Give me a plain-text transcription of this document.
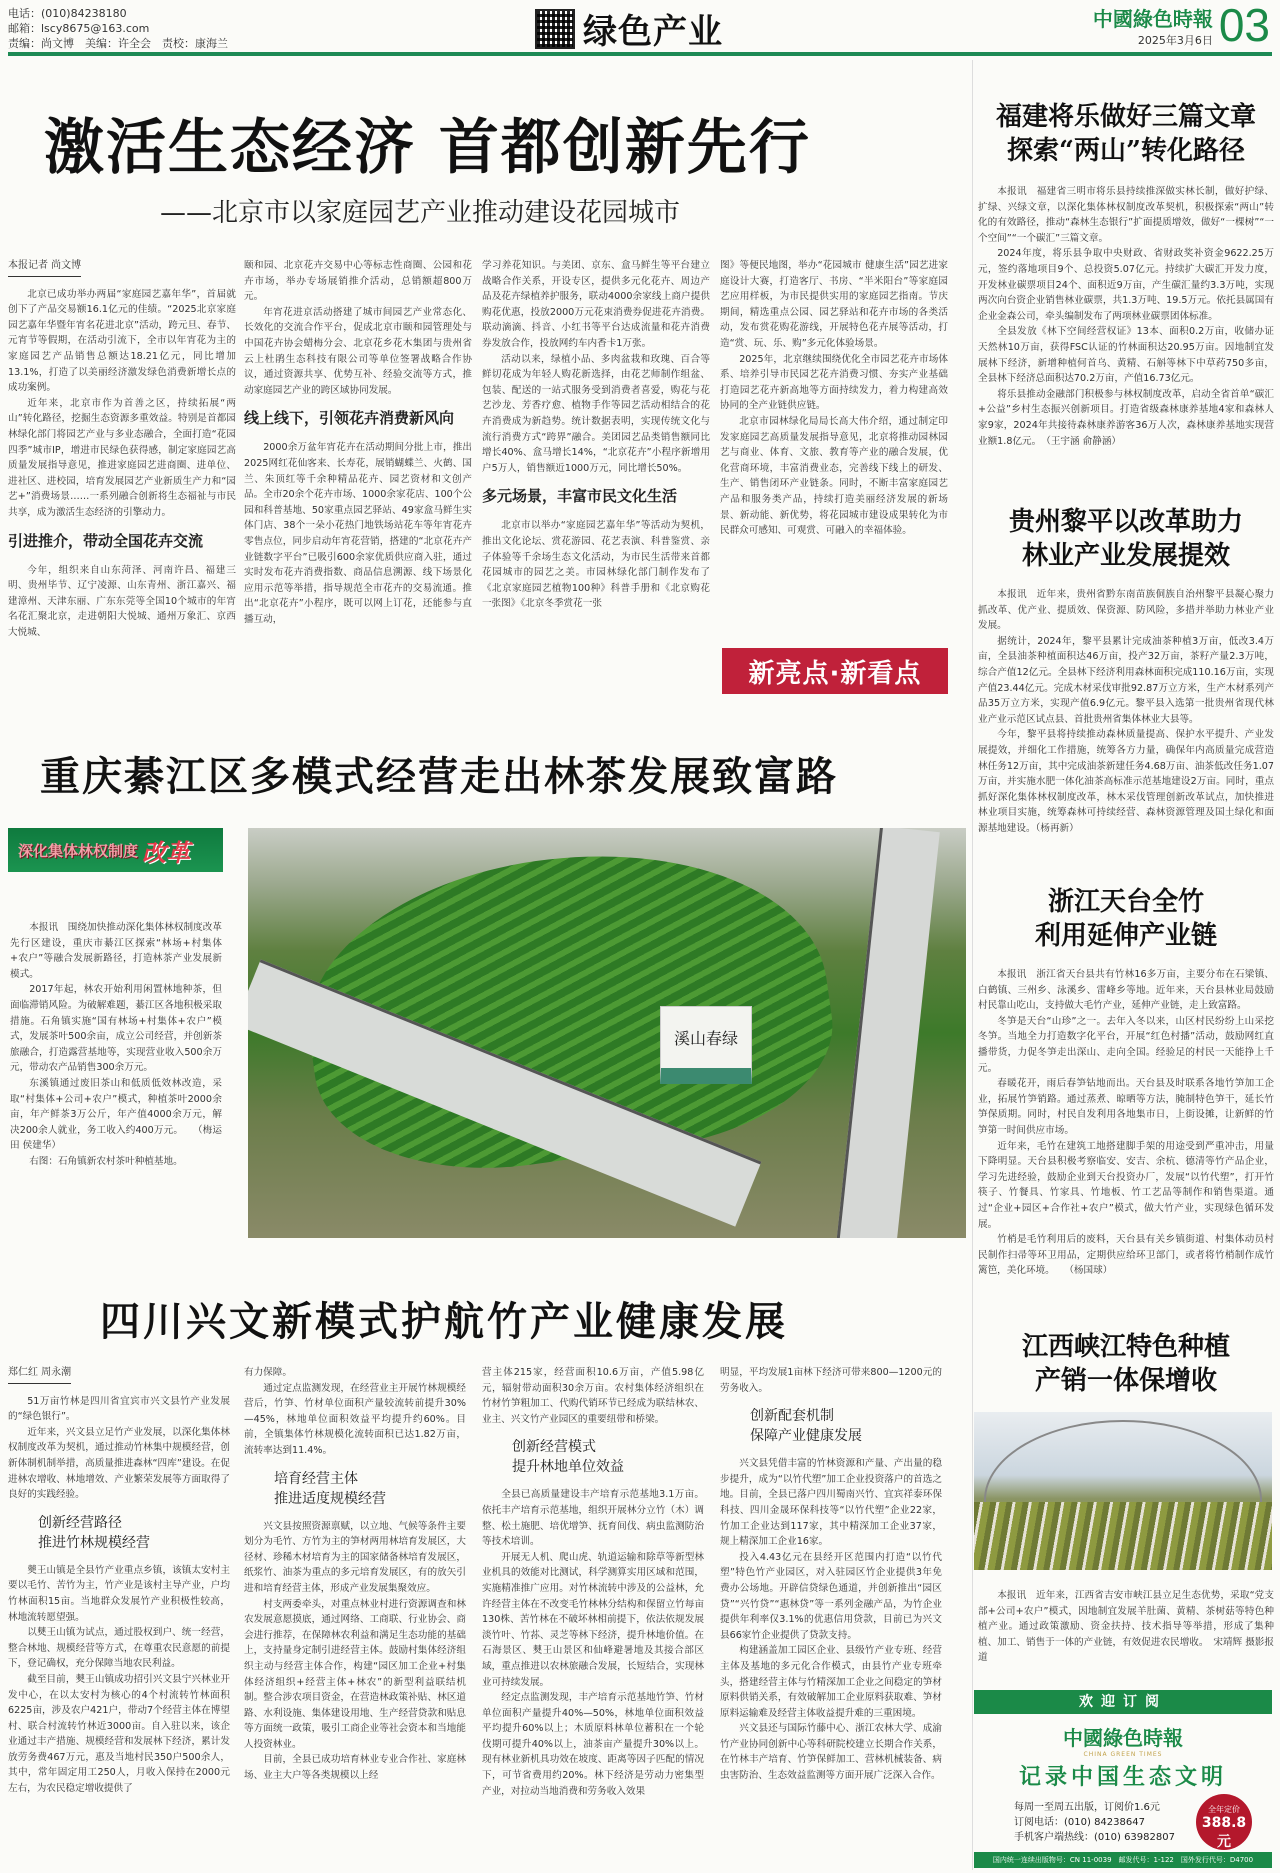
电话：(010)84238180
邮箱：lscy8675@163.com
责编：尚文博　美编：许全会　责校：康海兰	绿色产业	中國綠色時報
2025年3月6日 03
激活生态经济 首都创新先行
——北京市以家庭园艺产业推动建设花园城市
本报记者 尚文博

北京已成功举办两届“家庭园艺嘉年华”，首届就创下了产品交易额16.1亿元的佳绩。“2025北京家庭园艺嘉年华暨年宵名花进北京”活动，跨元旦、春节、元宵节等假期，在活动引流下，全市以年宵花为主的家庭园艺产品销售总额达18.21亿元，同比增加13.1%，打造了以美丽经济激发绿色消费新增长点的成功案例。

近年来，北京市作为首善之区，持续拓展“两山”转化路径，挖掘生态资源多重效益。特别是首都园林绿化部门将园艺产业与多业态融合，全面打造“花园四季”城市IP，增进市民绿色获得感，制定家庭园艺高质量发展指导意见，推进家庭园艺进商圈、进单位、进社区、进校园，培育发展园艺产业新质生产力和“园艺+”消费场景……一系列融合创新将生态福祉与市民共享，成为激活生态经济的引擎动力。

引进推介，带动全国花卉交流

今年，组织来自山东菏泽、河南许昌、福建三明、贵州毕节、辽宁凌源、山东青州、浙江嘉兴、福建漳州、天津东丽、广东东莞等全国10个城市的年宵名花汇聚北京，走进朝阳大悦城、通州万象汇、京西大悦城、

颐和园、北京花卉交易中心等标志性商圈、公园和花卉市场，举办专场展销推介活动，总销额超800万元。

年宵花进京活动搭建了城市间园艺产业常态化、长效化的交流合作平台，促成北京市颐和园管理处与中国花卉协会蜡梅分会、北京花乡花木集团与贵州省云上杜鹃生态科技有限公司等单位签署战略合作协议，通过资源共享、优势互补、经验交流等方式，推动家庭园艺产业的跨区域协同发展。

线上线下，引领花卉消费新风向

2000余万盆年宵花卉在活动期间分批上市，推出2025网红花仙客来、长寿花，展销蝴蝶兰、火鹤、国兰、朱顶红等千余种精品花卉、园艺资材和文创产品。全市20余个花卉市场、1000余家花店、100个公园和科普基地、50家重点园艺驿站、49家盒马鲜生实体门店、38个一朵小花热门地铁场站花车等年宵花卉零售点位，同步启动年宵花营销，搭建的“北京花卉产业链数字平台”已吸引600余家优质供应商入驻，通过实时发布花卉消费指数、商品信息溯源、线下场景化应用示范等举措，指导规范全市花卉的交易流通。推出“北京花卉”小程序，既可以网上订花，还能参与直播互动，

学习养花知识。与美团、京东、盒马鲜生等平台建立战略合作关系，开设专区，提供多元化花卉、周边产品及花卉绿植养护服务，联动4000余家线上商户提供购花优惠，投放2000万元花束消费券促进花卉消费。联动滴滴、抖音、小红书等平台达成流量和花卉消费券发放合作，投放网约车内香卡1万张。

活动以来，绿植小品、多肉盆栽和玫瑰、百合等鲜切花成为年轻人购花新选择，由花艺师制作组盆、包装、配送的一站式服务受到消费者喜爱，购花与花艺沙龙、芳香疗愈、植物手作等园艺活动相结合的花卉消费成为新趋势。统计数据表明，实现传统文化与流行消费方式“跨界”融合。美团园艺品类销售额同比增长40%、盒马增长14%，“北京花卉”小程序新增用户5万人，销售额近1000万元，同比增长50%。

多元场景，丰富市民文化生活

北京市以举办“家庭园艺嘉年华”等活动为契机，推出文化论坛、赏花游园、花艺表演、科普鉴赏、亲子体验等千余场生态文化活动，为市民生活带来首都花园城市的园艺之美。市园林绿化部门制作发布了《北京家庭园艺植物100种》科普手册和《北京购花一张图》《北京冬季赏花一张

图》等便民地图，举办“花园城市 健康生活”园艺进家庭设计大赛，打造客厅、书房、“半米阳台”等家庭园艺应用样板，为市民提供实用的家庭园艺指南。节庆期间，精选重点公园、园艺驿站和花卉市场的各类活动，发布赏花购花游线，开展特色花卉展等活动，打造“赏、玩、乐、购”多元化体验场景。

2025年，北京继续围绕优化全市园艺花卉市场体系、培养引导市民园艺花卉消费习惯、夯实产业基础打造园艺花卉新高地等方面持续发力，着力构建高效协同的全产业链供应链。

北京市园林绿化局局长高大伟介绍，通过制定印发家庭园艺高质量发展指导意见，北京将推动园林园艺与商业、体育、文旅、教育等产业的融合发展，优化营商环境，丰富消费业态，完善线下线上的研发、生产、销售闭环产业链条。同时，不断丰富家庭园艺产品和服务类产品，持续打造美丽经济发展的新场景、新动能、新优势，将花园城市建设成果转化为市民群众可感知、可观赏、可融入的幸福体验。

新亮点·新看点
重庆綦江区多模式经营走出林茶发展致富路
深化集体林权制度 改革

本报讯　围绕加快推动深化集体林权制度改革先行区建设，重庆市綦江区探索“林场+村集体+农户”等融合发展新路径，打造林茶产业发展新模式。

2017年起，林农开始利用闲置林地种茶，但面临滞销风险。为破解难题，綦江区各地积极采取措施。石角镇实施“国有林场+村集体+农户”模式，发展茶叶500余亩，成立公司经营，并创新茶旅融合，打造露营基地等，实现营业收入500余万元，带动农产品销售300余万元。

东溪镇通过废旧茶山和低质低效林改造，采取“村集体+公司+农户”模式，种植茶叶2000余亩，年产鲜茶3万公斤，年产值4000余万元，解决200余人就业，务工收入约400万元。　　（梅运田 侯建华）

右图：石角镇新农村茶叶种植基地。

溪山春绿
四川兴文新模式护航竹产业健康发展
郑仁红 周永潮

51万亩竹林是四川省宜宾市兴文县竹产业发展的“绿色银行”。

近年来，兴文县立足竹产业发展，以深化集体林权制度改革为契机，通过推动竹林集中规模经营，创新体制机制举措，高质量推进森林“四库”建设。在促进林农增收、林地增效、产业繁荣发展等方面取得了良好的实践经验。

创新经营路径
推进竹林规模经营

僰王山镇是全县竹产业重点乡镇，该镇太安村主要以毛竹、苦竹为主，竹产业是该村主导产业，户均竹林面积15亩。当地群众发展竹产业积极性较高，林地流转愿望强。

以僰王山镇为试点，通过股权到户、统一经营，整合林地、规模经营等方式，在尊重农民意愿的前提下，登记确权，充分保障当地农民利益。

截至目前，僰王山镇成功招引兴文县宁兴林业开发中心，在以太安村为核心的4个村流转竹林面积6225亩，涉及农户421户，带动7个经营主体在博望村、联合村流转竹林近3000亩。自入驻以来，该企业通过丰产措施、规模经营和发展林下经济，累计发放劳务费467万元，惠及当地村民350户500余人，其中，常年固定用工250人，月收入保持在2000元左右，为农民稳定增收提供了

有力保障。

通过定点监测发现，在经营业主开展竹林规模经营后，竹笋、竹材单位面积产量较流转前提升30%—45%，林地单位面积效益平均提升约60%。目前，全镇集体竹林规模化流转面积已达1.82万亩，流转率达到11.4%。

培育经营主体
推进适度规模经营

兴文县按照资源禀赋，以立地、气候等条件主要划分为毛竹、方竹为主的笋材两用林培育发展区，大径材、珍稀木材培育为主的国家储备林培育发展区，纸浆竹、油茶为重点的多元培育发展区，有的放矢引进和培育经营主体，形成产业发展集聚效应。

村支两委牵头，对重点林业村进行资源调查和林农发展意愿摸底，通过网络、工商联、行业协会、商会进行推荐，在保障林农利益和满足生态功能的基础上，支持量身定制引进经营主体。鼓励村集体经济组织主动与经营主体合作，构建“园区加工企业+村集体经济组织+经营主体+林农”的新型利益联结机制。整合涉农项目资金，在营造林政策补贴、林区道路、水利设施、集体建设用地、生产经营贷款和贴息等方面统一政策，吸引工商企业等社会资本和当地能人投资林业。

目前，全县已成功培育林业专业合作社、家庭林场、业主大户等各类规模以上经

营主体215家，经营面积10.6万亩，产值5.98亿元，辐射带动面积30余万亩。农村集体经济组织在竹材竹笋粗加工、代购代销环节已经成为联结林农、业主、兴文竹产业园区的重要纽带和桥梁。

创新经营模式
提升林地单位效益

全县已高质量建设丰产培育示范基地3.1万亩。依托丰产培育示范基地，组织开展林分立竹（木）调整、松土施肥、培优增笋、抚育间伐、病虫监测防治等技术培训。

开展无人机、爬山虎、轨道运输和除草等新型林业机具的效能对比测试，科学测算实用区域和范围，实施精准推广应用。对竹林流转中涉及的公益林，允许经营主体在不改变毛竹林林分结构和保留立竹每亩130株、苦竹林在不破坏林相前提下，依法依规发展淡竹叶、竹荪、灵芝等林下经济，提升林地价值。在石海景区、僰王山景区和仙峰避暑地及其接合部区域，重点推进以农林旅融合发展，长短结合，实现林业可持续发展。

经定点监测发现，丰产培育示范基地竹笋、竹材单位面积产量提升40%—50%，林地单位面积效益平均提升60%以上；木质原料林单位蓄积在一个轮伐期可提升40%以上，油茶亩产量提升30%以上。现有林业新机具功效在坡度、距离等因子匹配的情况下，可节省费用约20%。林下经济是劳动力密集型产业，对拉动当地消费和劳务收入效果

明显，平均发展1亩林下经济可带来800—1200元的劳务收入。

创新配套机制
保障产业健康发展

兴文县凭借丰富的竹林资源和产量、产出量的稳步提升，成为“以竹代塑”加工企业投资落户的首选之地。目前，全县已落户四川蜀南兴竹、宜宾祥泰环保科技、四川金晟环保科技等“以竹代塑”企业22家，竹加工企业达到117家，其中精深加工企业37家，规上精深加工企业16家。

投入4.43亿元在县经开区范围内打造“以竹代塑”特色竹产业园区，对入驻园区竹企业提供3年免费办公场地。开辟信贷绿色通道，并创新推出“园区贷”“兴竹贷”“惠林贷”等一系列金融产品，为竹企业提供年利率仅3.1%的优惠信用贷款，目前已为兴文县66家竹企业提供了贷款支持。

构建涵盖加工园区企业、县级竹产业专班、经营主体及基地的多元化合作模式，由县竹产业专班牵头，搭建经营主体与竹精深加工企业之间稳定的笋材原料供销关系，有效破解加工企业原料获取难、笋材原料运输难及经营主体收益提升难的三重困境。

兴文县还与国际竹藤中心、浙江农林大学、成渝竹产业协同创新中心等科研院校建立长期合作关系，在竹林丰产培育、竹笋保鲜加工、营林机械装备、病虫害防治、生态效益监测等方面开展广泛深入合作。

福建将乐做好三篇文章
探索“两山”转化路径

本报讯　福建省三明市将乐县持续推深做实林长制，做好护绿、扩绿、兴绿文章，以深化集体林权制度改革契机，积极探索“两山”转化的有效路径，推动“森林生态银行”扩面提质增效，做好“一棵树”“一个空间”“一个碳汇”三篇文章。

2024年度，将乐县争取中央财政、省财政奖补资金9622.25万元，签约落地项目9个、总投资5.07亿元。持续扩大碳汇开发力度，开发林业碳票项目24个、面积近9万亩，产生碳汇量约3.3万吨，实现两次向台资企业销售林业碳票，共1.3万吨、19.5万元。依托县属国有企业金森公司，牵头编制发布了两项林业碳票团体标准。

全县发放《林下空间经营权证》13本、面积0.2万亩，收储办证天然林10万亩，获得FSC认证的竹林面积达20.95万亩。因地制宜发展林下经济，新增种植何首乌、黄精、石斛等林下中草药750多亩，全县林下经济总面积达70.2万亩，产值16.73亿元。

将乐县推动金融部门积极参与林权制度改革，启动全省首单“碳汇+公益”乡村生态振兴创新项目。打造省级森林康养基地4家和森林人家9家，2024年共接待森林康养游客36万人次，森林康养基地实现营业额1.8亿元。　（王宇涵 俞静涵）

贵州黎平以改革助力
林业产业发展提效

本报讯　近年来，贵州省黔东南苗族侗族自治州黎平县凝心聚力抓改革、优产业、提质效、保资源、防风险，多措并举助力林业产业发展。

据统计，2024年，黎平县累计完成油茶种植3万亩，低改3.4万亩，全县油茶种植面积达46万亩，投产32万亩，茶籽产量2.3万吨，综合产值12亿元。全县林下经济利用森林面积完成110.16万亩，实现产值23.44亿元。完成木材采伐审批92.87万立方米，生产木材系列产品35万立方米，实现产值6.9亿元。黎平县入选第一批贵州省现代林业产业示范区试点县、首批贵州省集体林业大县等。

今年，黎平县将持续推动森林质量提高、保护水平提升、产业发展提效，并细化工作措施，统筹各方力量，确保年内高质量完成营造林任务12万亩，其中完成油茶新建任务4.68万亩、油茶低改任务1.07万亩，并实施水肥一体化油茶高标准示范基地建设2万亩。同时，重点抓好深化集体林权制度改革，林木采伐管理创新改革试点，加快推进林业项目实施，统筹森林可持续经营、森林资源管理及国土绿化和面源基地建设。（杨再新）

浙江天台全竹
利用延伸产业链

本报讯　浙江省天台县共有竹林16多万亩，主要分布在石梁镇、白鹤镇、三州乡、泳溪乡、雷峰乡等地。近年来，天台县林业局鼓励村民靠山吃山，支持做大毛竹产业，延伸产业链，走上致富路。

冬笋是天台“山珍”之一。去年入冬以来，山区村民纷纷上山采挖冬笋。当地全力打造数字化平台，开展“红色村播”活动，鼓励网红直播带货，力促冬笋走出深山、走向全国。经验足的村民一天能挣上千元。

春暖花开，雨后春笋钻地而出。天台县及时联系各地竹笋加工企业，拓展竹笋销路。通过蒸煮、晾晒等方法，腌制特色笋干，延长竹笋保质期。同时，村民自发利用各地集市日，上街设摊，让新鲜的竹笋第一时间供应市场。

近年来，毛竹在建筑工地搭建脚手架的用途受到严重冲击，用量下降明显。天台县积极考察临安、安吉、余杭、德清等竹产品企业，学习先进经验，鼓励企业到天台投资办厂，发展“以竹代塑”，打开竹筷子、竹餐具、竹家具、竹地板、竹工艺品等制作和销售渠道。通过“企业+园区+合作社+农户”模式，做大竹产业，实现绿色循环发展。

竹梢是毛竹利用后的废料，天台县有关乡镇街道、村集体动员村民制作扫帚等环卫用品，定期供应给环卫部门，或者将竹梢制作成竹篱笆，美化环境。　　（杨国球）

江西峡江特色种植
产销一体保增收

本报讯　近年来，江西省吉安市峡江县立足生态优势，采取“党支部+公司+农户”模式，因地制宜发展羊肚菌、黄精、茶树菇等特色种植产业。通过政策激励、资金扶持、技术指导等举措，形成了集种植、加工、销售于一体的产业链，有效促进农民增收。　宋靖辉 摄影报道

欢迎订阅
中國綠色時報
CHINA GREEN TIMES
记录中国生态文明
每周一至周五出版，订阅价1.6元
订阅电话：(010) 84238647
手机客户端热线：(010) 63982807
全年定价
388.8元
国内统一连续出版物号：CN 11-0039　邮发代号：1-122　国外发行代号：D4700
